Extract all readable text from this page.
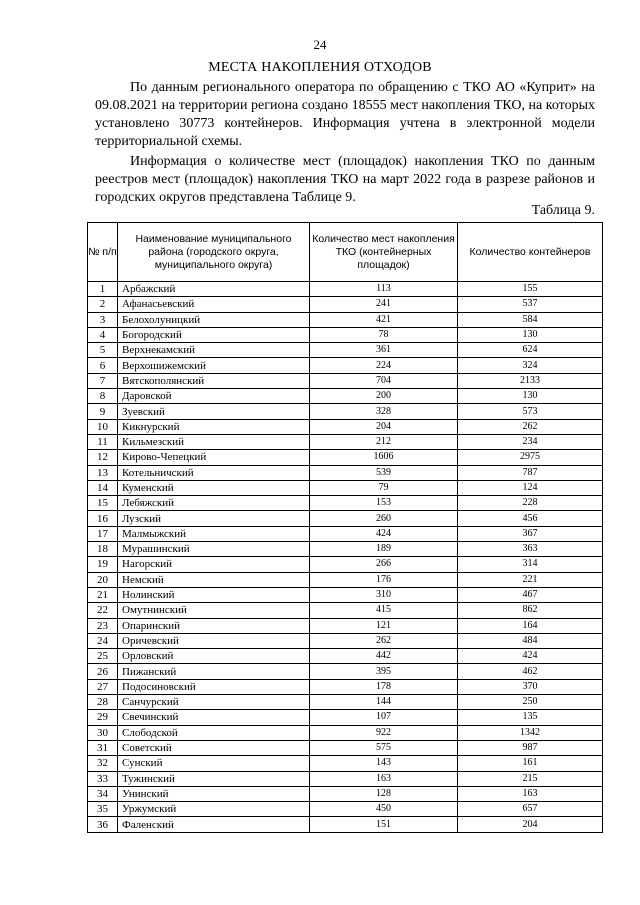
24
МЕСТА НАКОПЛЕНИЯ ОТХОДОВ
По данным регионального оператора по обращению с ТКО АО «Куприт» на 09.08.2021 на территории региона создано 18555 мест накопления ТКО, на которых установлено 30773 контейнеров. Информация учтена в электронной модели территориальной схемы.
Информация о количестве мест (площадок) накопления ТКО по данным реестров мест (площадок) накопления ТКО на март 2022 года в разрезе районов и городских округов представлена Таблице 9.
Таблица 9.
№ п/п	Наименование муниципального района (городского округа, муниципального округа)	Количество мест накопления ТКО (контейнерных площадок)	Количество контейнеров
1	Арбажский	113	155
2	Афанасьевский	241	537
3	Белохолуницкий	421	584
4	Богородский	78	130
5	Верхнекамский	361	624
6	Верхошижемский	224	324
7	Вятскополянский	704	2133
8	Даровской	200	130
9	Зуевский	328	573
10	Кикнурский	204	262
11	Кильмезский	212	234
12	Кирово-Чепецкий	1606	2975
13	Котельничский	539	787
14	Куменский	79	124
15	Лебяжский	153	228
16	Лузский	260	456
17	Малмыжский	424	367
18	Мурашинский	189	363
19	Нагорский	266	314
20	Немский	176	221
21	Нолинский	310	467
22	Омутнинский	415	862
23	Опаринский	121	164
24	Оричевский	262	484
25	Орловский	442	424
26	Пижанский	395	462
27	Подосиновский	178	370
28	Санчурский	144	250
29	Свечинский	107	135
30	Слободской	922	1342
31	Советский	575	987
32	Сунский	143	161
33	Тужинский	163	215
34	Унинский	128	163
35	Уржумский	450	657
36	Фаленский	151	204
